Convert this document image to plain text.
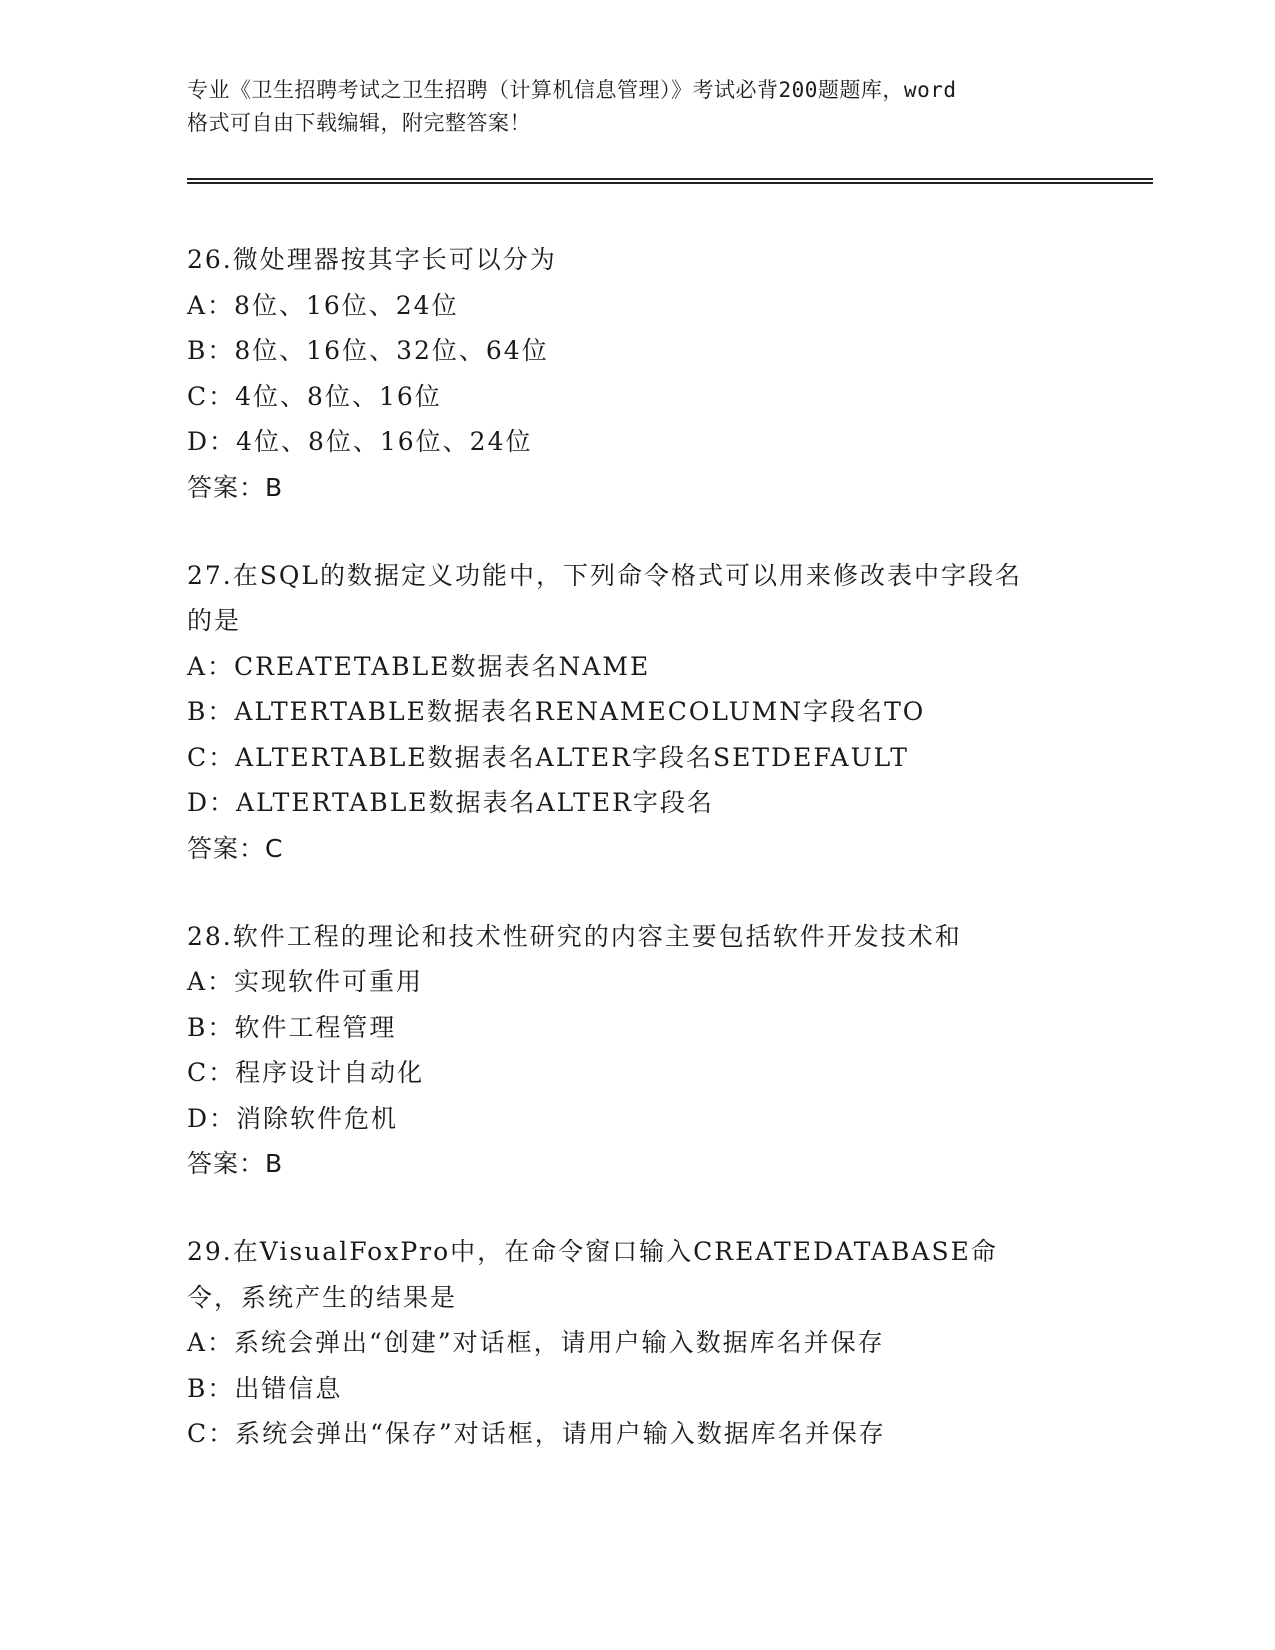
专业《卫生招聘考试之卫生招聘（计算机信息管理）》考试必背200题题库，word
格式可自由下载编辑，附完整答案！
26.微处理器按其字长可以分为
A：8位、16位、24位
B：8位、16位、32位、64位
C：4位、8位、16位
D：4位、8位、16位、24位
答案：B
27.在SQL的数据定义功能中，下列命令格式可以用来修改表中字段名的是
A：CREATETABLE数据表名NAME
B：ALTERTABLE数据表名RENAMECOLUMN字段名TO
C：ALTERTABLE数据表名ALTER字段名SETDEFAULT
D：ALTERTABLE数据表名ALTER字段名
答案：C
28.软件工程的理论和技术性研究的内容主要包括软件开发技术和
A：实现软件可重用
B：软件工程管理
C：程序设计自动化
D：消除软件危机
答案：B
29.在VisualFoxPro中，在命令窗口输入CREATEDATABASE命令，系统产生的结果是
A：系统会弹出“创建”对话框，请用户输入数据库名并保存
B：出错信息
C：系统会弹出“保存”对话框，请用户输入数据库名并保存
